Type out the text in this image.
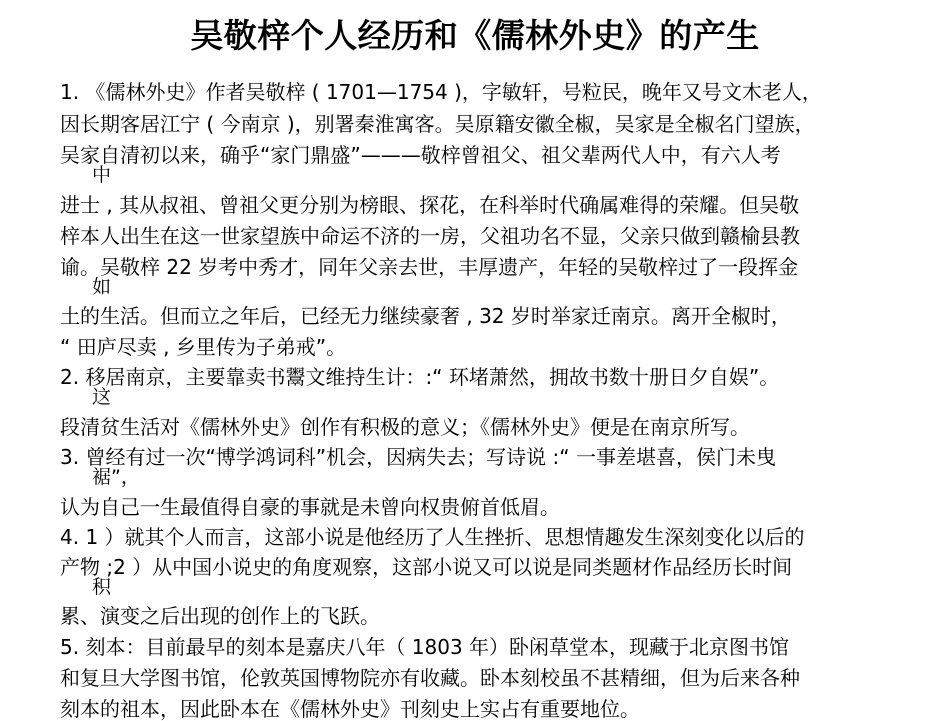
吴敬梓个人经历和《儒林外史》的产生
1. 《儒林外史》作者吴敬梓 ( 1701—1754 )，字敏轩，号粒民，晚年又号文木老人，
因长期客居江宁 ( 今南京 )，别署秦淮寓客。吴原籍安徽全椒，吴家是全椒名门望族，
吴家自清初以来，确乎“家门鼎盛”———敬梓曾祖父、祖父辈两代人中，有六人考
中
进士 , 其从叔祖、曾祖父更分别为榜眼、探花，在科举时代确属难得的荣耀。但吴敬
梓本人出生在这一世家望族中命运不济的一房，父祖功名不显，父亲只做到赣榆县教
谕。吴敬梓 22 岁考中秀才，同年父亲去世，丰厚遗产，年轻的吴敬梓过了一段挥金
如
土的生活。但而立之年后，已经无力继续豪奢 , 32 岁时举家迁南京。离开全椒时，
“ 田庐尽卖 , 乡里传为子弟戒”。
2. 移居南京，主要靠卖书鬻文维持生计：:“ 环堵萧然，拥故书数十册日夕自娱”。
这
段清贫生活对《儒林外史》创作有积极的意义；《儒林外史》便是在南京所写。
3. 曾经有过一次“博学鸿词科”机会，因病失去；写诗说 :“ 一事差堪喜，侯门未曳
裾”，
认为自己一生最值得自豪的事就是未曾向权贵俯首低眉。
4. 1 ）就其个人而言，这部小说是他经历了人生挫折、思想情趣发生深刻变化以后的
产物 ;2 ）从中国小说史的角度观察，这部小说又可以说是同类题材作品经历长时间
积
累、演变之后出现的创作上的飞跃。
5. 刻本：目前最早的刻本是嘉庆八年（ 1803 年）卧闲草堂本，现藏于北京图书馆
和复旦大学图书馆，伦敦英国博物院亦有收藏。卧本刻校虽不甚精细，但为后来各种
刻本的祖本，因此卧本在《儒林外史》刊刻史上实占有重要地位。
